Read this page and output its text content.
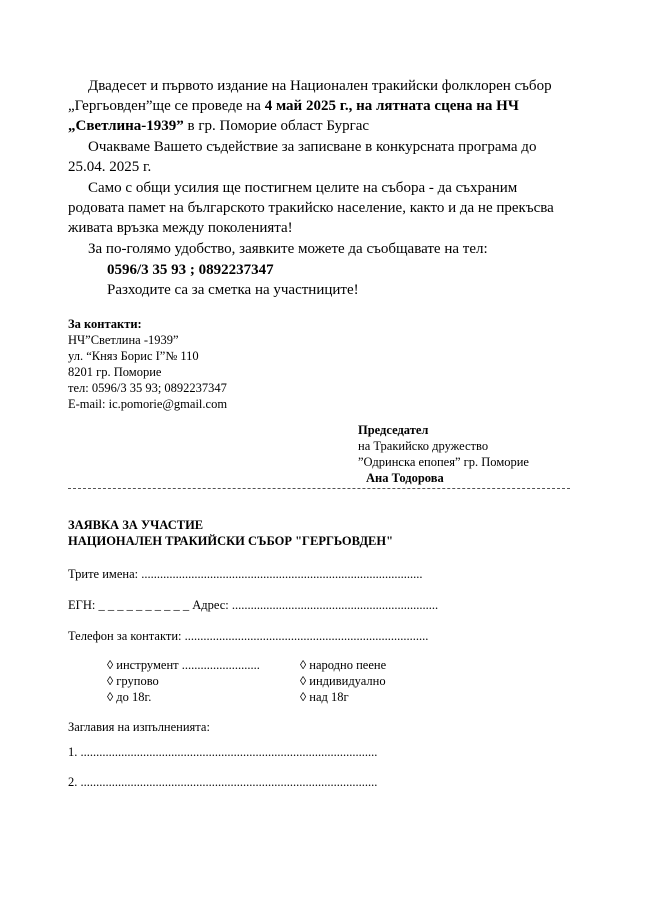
Двадесет и първото издание на Национален тракийски фолклорен събор
„Гергьовден”ще се проведе на 4 май 2025 г., на лятната сцена на НЧ
„Светлина-1939” в гр. Поморие област Бургас
Очакваме Вашето съдействие за записване в конкурсната програма до
25.04. 2025 г.
Само с общи усилия ще постигнем целите на събора - да съхраним
родовата памет на българското тракийско население, както и да не прекъсва
живата връзка между поколенията!
За по-голямо удобство, заявките можете да съобщавате на тел:
0596/3 35 93 ; 0892237347
Разходите са за сметка на участниците!
За контакти:
НЧ”Светлина -1939”
ул. “Княз Борис I”№ 110
8201 гр. Поморие
тел: 0596/3 35 93; 0892237347
E-mail: ic.pomorie@gmail.com
Председател
на Тракийско дружество
”Одринска епопея” гр. Поморие
Ана Тодорова
ЗАЯВКА ЗА УЧАСТИЕ
НАЦИОНАЛЕН ТРАКИЙСКИ СЪБОР "ГЕРГЬОВДЕН"
Трите имена: ..........................................................................................
ЕГН: _ _ _ _ _ _ _ _ _ _ Адрес: ..................................................................
Телефон за контакти: ..............................................................................
◊ инструмент .........................	◊ народно пеене
◊ групово	◊ индивидуално
◊ до 18г.	◊ над 18г
Заглавия на изпълненията:
1. ...............................................................................................
2. ...............................................................................................
